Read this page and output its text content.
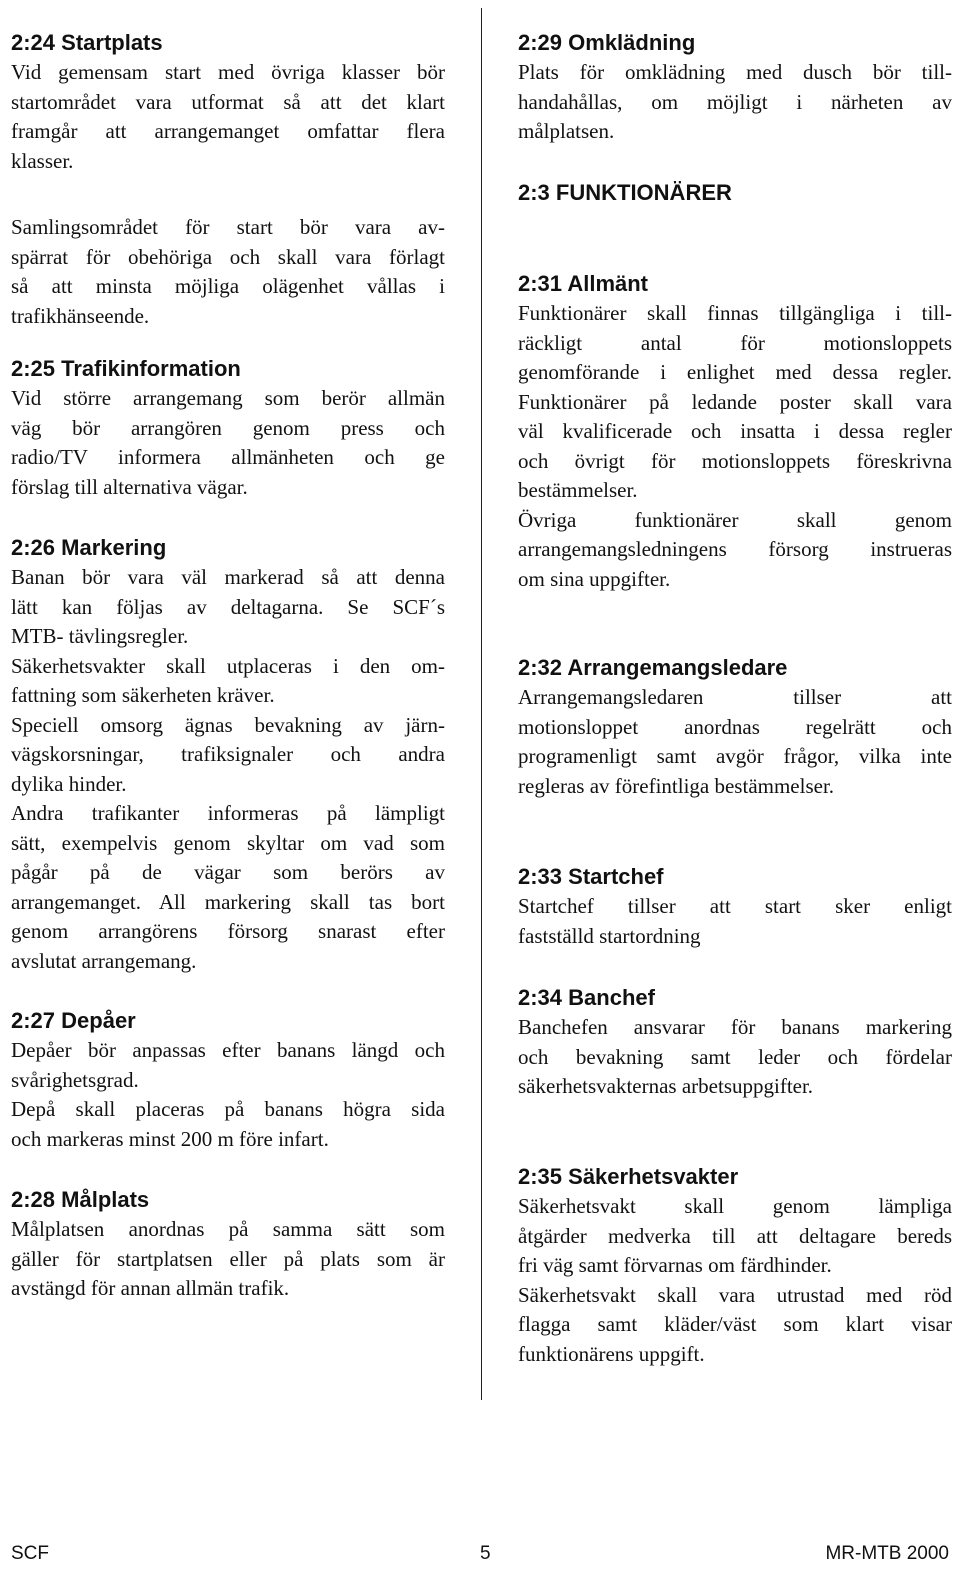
2:24 Startplats

Vid gemensam start med övriga klasser bör

startområdet vara utformat så att det klart

framgår att arrangemanget omfattar flera

klasser.

Samlingsområdet för start bör vara av-

spärrat för obehöriga och skall vara förlagt

så att minsta möjliga olägenhet vållas i

trafikhänseende.

2:25 Trafikinformation

Vid större arrangemang som berör allmän

väg bör arrangören genom press och

radio/TV informera allmänheten och ge

förslag till alternativa vägar.

2:26 Markering

Banan bör vara väl markerad så att denna

lätt kan följas av deltagarna. Se SCF´s

MTB- tävlingsregler.

Säkerhetsvakter skall utplaceras i den om-

fattning som säkerheten kräver.

Speciell omsorg ägnas bevakning av järn-

vägskorsningar, trafiksignaler och andra

dylika hinder.

Andra trafikanter informeras på lämpligt

sätt, exempelvis genom skyltar om vad som

pågår på de vägar som berörs av

arrangemanget. All markering skall tas bort

genom arrangörens försorg snarast efter

avslutat arrangemang.

2:27 Depåer

Depåer bör anpassas efter banans längd och

svårighetsgrad.

Depå skall placeras på banans högra sida

och markeras minst 200 m före infart.

2:28 Målplats

Målplatsen anordnas på samma sätt som

gäller för startplatsen eller på plats som är

avstängd för annan allmän trafik.

2:29 Omklädning

Plats för omklädning med dusch bör till-

handahållas, om möjligt i närheten av

målplatsen.

2:3 FUNKTIONÄRER
2:31 Allmänt

Funktionärer skall finnas tillgängliga i till-

räckligt antal för motionsloppets

genomförande i enlighet med dessa regler.

Funktionärer på ledande poster skall vara

väl kvalificerade och insatta i dessa regler

och övrigt för motionsloppets föreskrivna

bestämmelser.

Övriga funktionärer skall genom

arrangemangsledningens försorg instrueras

om sina uppgifter.

2:32 Arrangemangsledare

Arrangemangsledaren tillser att

motionsloppet anordnas regelrätt och

programenligt samt avgör frågor, vilka inte

regleras av förefintliga bestämmelser.

2:33 Startchef

Startchef tillser att start sker enligt

fastställd startordning

2:34 Banchef

Banchefen ansvarar för banans markering

och bevakning samt leder och fördelar

säkerhetsvakternas arbetsuppgifter.

2:35 Säkerhetsvakter

Säkerhetsvakt skall genom lämpliga

åtgärder medverka till att deltagare bereds

fri väg samt förvarnas om färdhinder.

Säkerhetsvakt skall vara utrustad med röd

flagga samt kläder/väst som klart visar

funktionärens uppgift.

SCF	5	MR-MTB 2000
